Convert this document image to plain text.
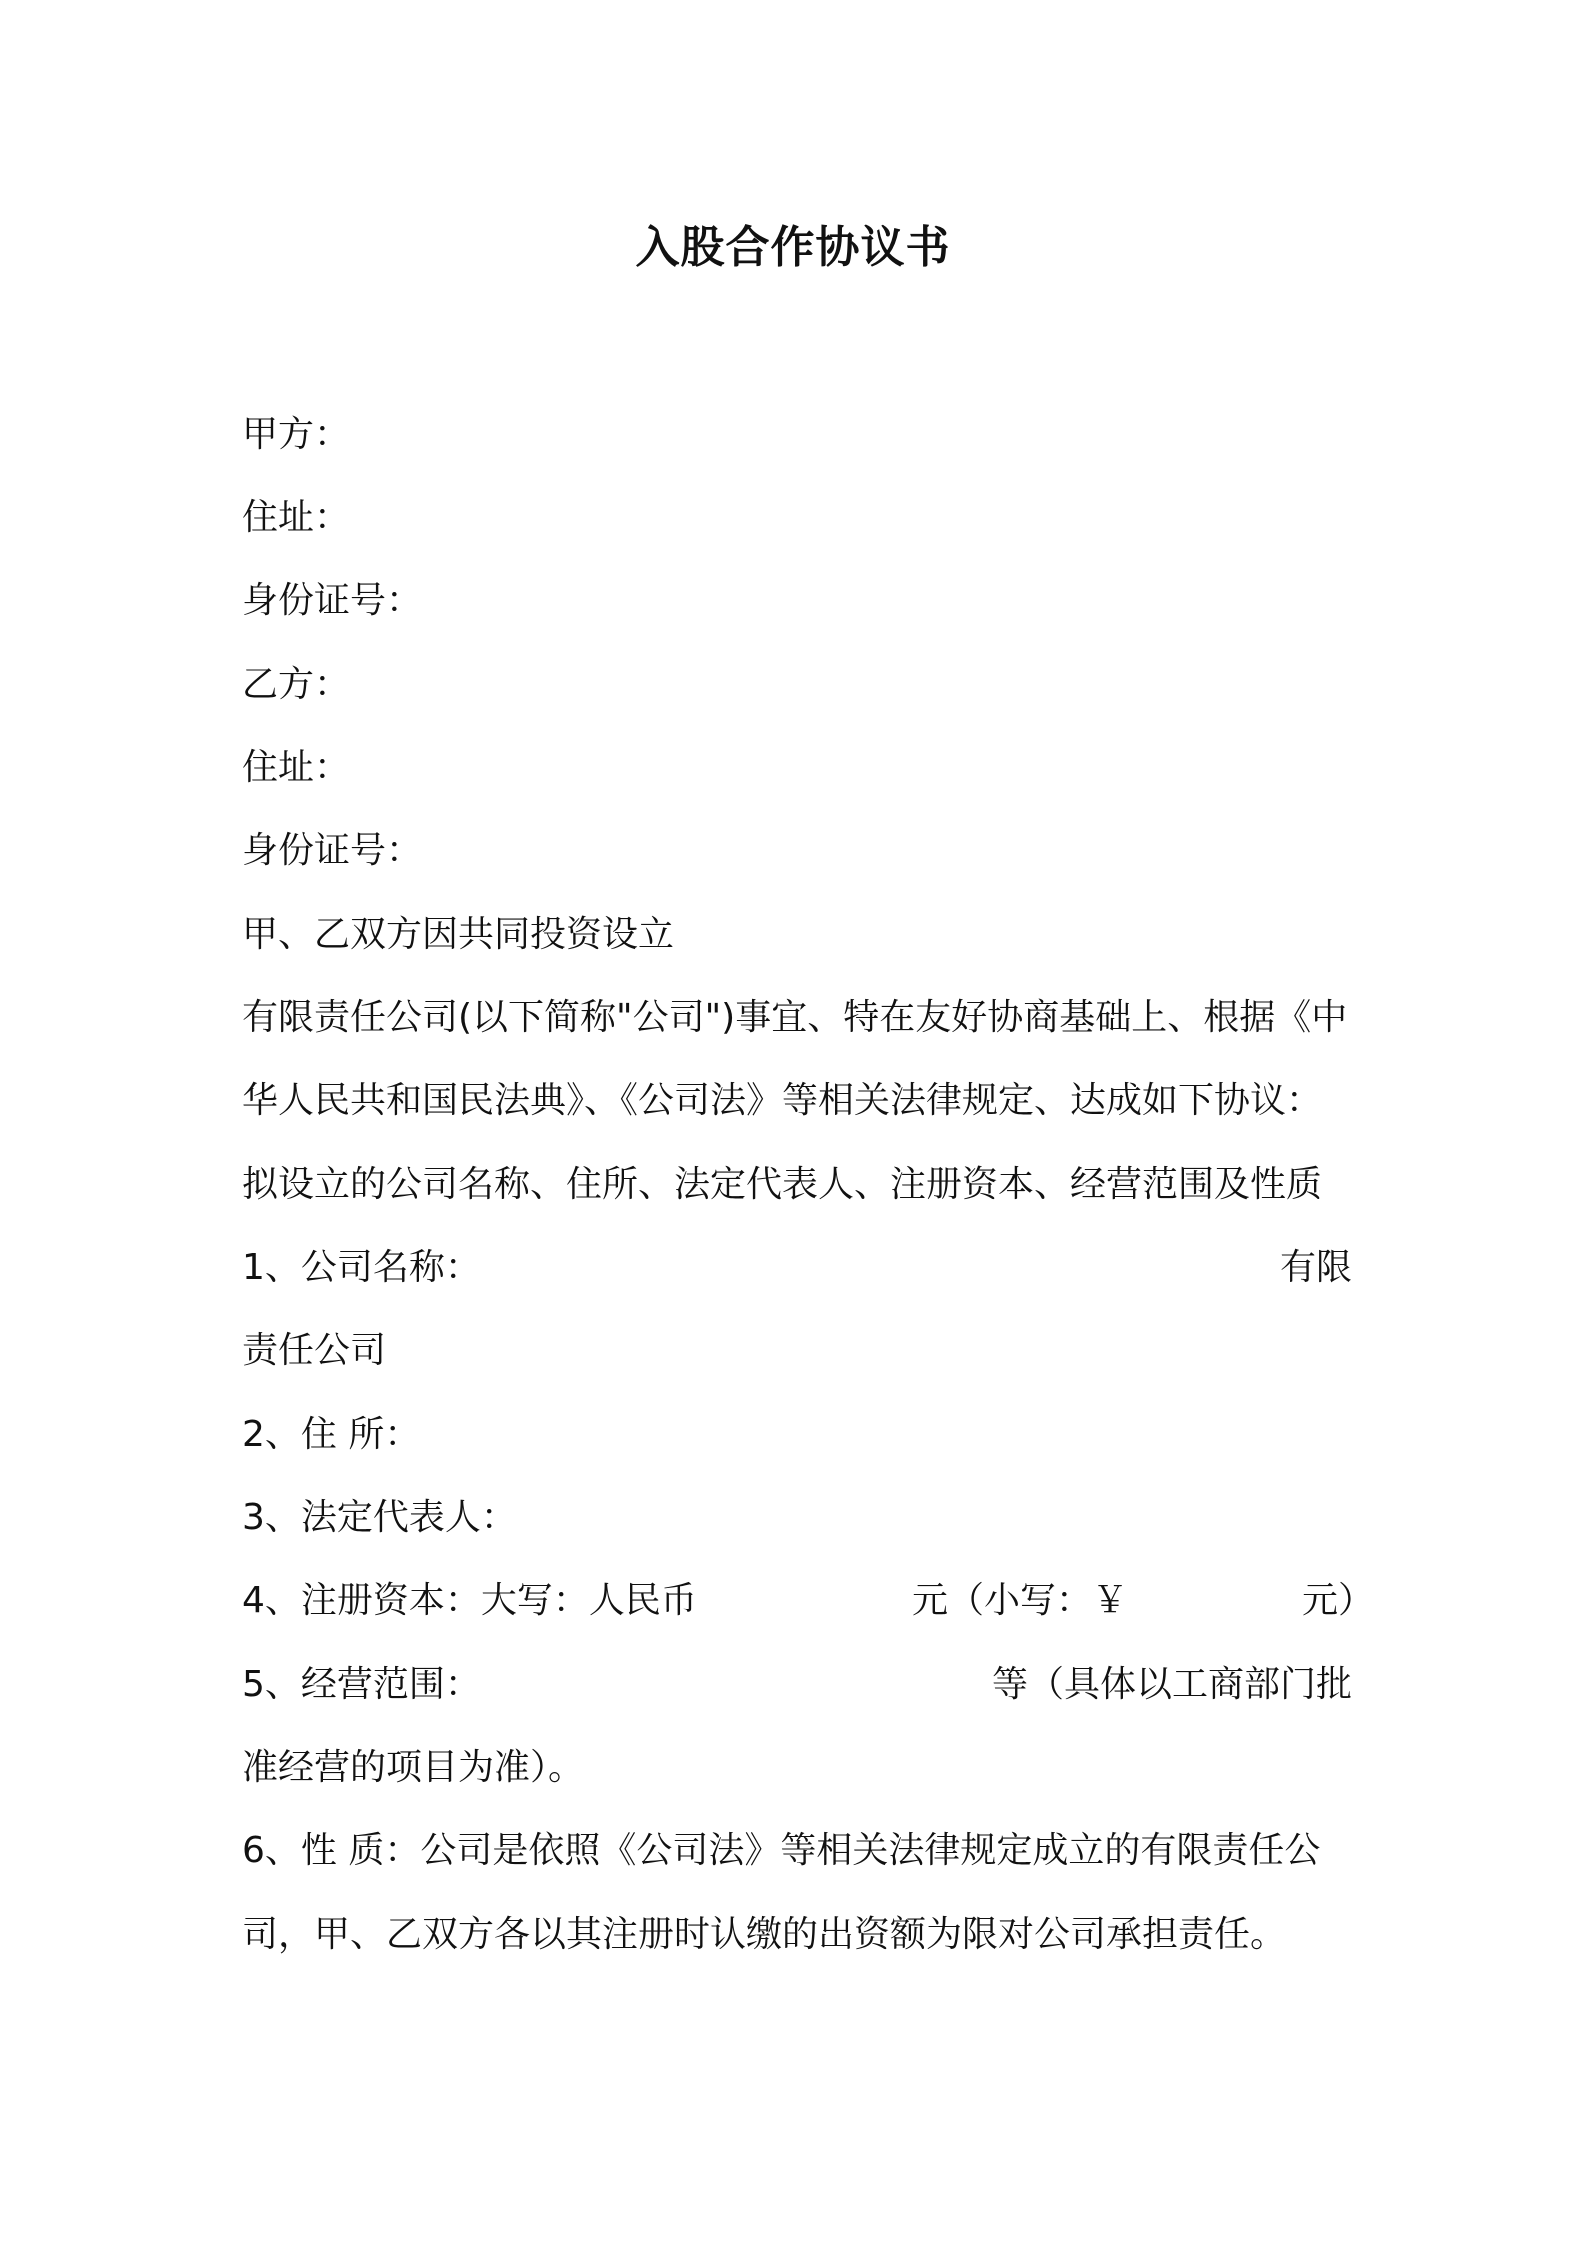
入股合作协议书
甲方：
住址：
身份证号：
乙方：
住址：
身份证号：
甲、乙双方因共同投资设立
有限责任公司(以下简称"公司")事宜、特在友好协商基础上、根据《中
华人民共和国民法典》、《公司法》等相关法律规定、达成如下协议：
拟设立的公司名称、住所、法定代表人、注册资本、经营范围及性质
1、公司名称：	有限
责任公司
2、住 所：
3、法定代表人：
4、注册资本：大写：人民币	元（小写：￥	元）
5、经营范围：	等（具体以工商部门批
准经营的项目为准）。
6、性 质：公司是依照《公司法》等相关法律规定成立的有限责任公
司，甲、乙双方各以其注册时认缴的出资额为限对公司承担责任。
